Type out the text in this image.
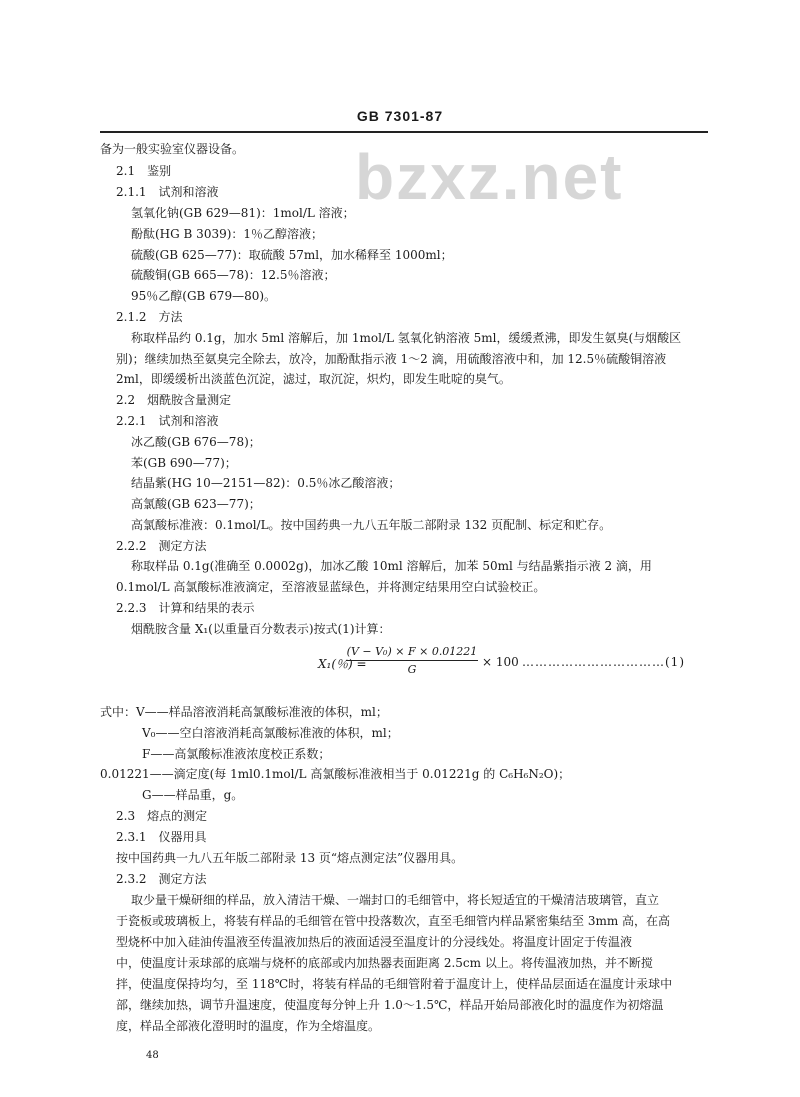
GB 7301-87
bzxz.net
备为一般实验室仪器设备。
2.1　鉴别
2.1.1　试剂和溶液
氢氧化钠(GB 629—81)：1mol/L 溶液；
酚酞(HG B 3039)：1％乙醇溶液；
硫酸(GB 625—77)：取硫酸 57ml，加水稀释至 1000ml；
硫酸铜(GB 665—78)：12.5％溶液；
95％乙醇(GB 679—80)。
2.1.2　方法
称取样品约 0.1g，加水 5ml 溶解后，加 1mol/L 氢氧化钠溶液 5ml，缓缓煮沸，即发生氨臭(与烟酸区
别)；继续加热至氨臭完全除去，放冷，加酚酞指示液 1～2 滴，用硫酸溶液中和，加 12.5％硫酸铜溶液
2ml，即缓缓析出淡蓝色沉淀，滤过，取沉淀，炽灼，即发生吡啶的臭气。
2.2　烟酰胺含量测定
2.2.1　试剂和溶液
冰乙酸(GB 676—78)；
苯(GB 690—77)；
结晶紫(HG 10—2151—82)：0.5％冰乙酸溶液；
高氯酸(GB 623—77)；
高氯酸标准液：0.1mol/L。按中国药典一九八五年版二部附录 132 页配制、标定和贮存。
2.2.2　测定方法
称取样品 0.1g(准确至 0.0002g)，加冰乙酸 10ml 溶解后，加苯 50ml 与结晶紫指示液 2 滴，用
0.1mol/L 高氯酸标准液滴定，至溶液显蓝绿色，并将测定结果用空白试验校正。
2.2.3　计算和结果的表示
烟酰胺含量 X₁(以重量百分数表示)按式(1)计算：
X₁(％) =
(V − V₀) × F × 0.01221
G
× 100 ……………………………(1)
式中：V——样品溶液消耗高氯酸标准液的体积，ml；
V₀——空白溶液消耗高氯酸标准液的体积，ml；
F——高氯酸标准液浓度校正系数；
0.01221——滴定度(每 1ml0.1mol/L 高氯酸标准液相当于 0.01221g 的 C₆H₆N₂O)；
G——样品重，g。
2.3　熔点的测定
2.3.1　仪器用具
按中国药典一九八五年版二部附录 13 页“熔点测定法”仪器用具。
2.3.2　测定方法
取少量干燥研细的样品，放入清洁干燥、一端封口的毛细管中，将长短适宜的干燥清洁玻璃管，直立
于瓷板或玻璃板上，将装有样品的毛细管在管中投落数次，直至毛细管内样品紧密集结至 3mm 高，在高
型烧杯中加入硅油传温液至传温液加热后的液面适浸至温度计的分浸线处。将温度计固定于传温液
中，使温度计汞球部的底端与烧杯的底部或内加热器表面距离 2.5cm 以上。将传温液加热，并不断搅
拌，使温度保持均匀，至 118℃时，将装有样品的毛细管附着于温度计上，使样品层面适在温度计汞球中
部，继续加热，调节升温速度，使温度每分钟上升 1.0～1.5℃，样品开始局部液化时的温度作为初熔温
度，样品全部液化澄明时的温度，作为全熔温度。
48
